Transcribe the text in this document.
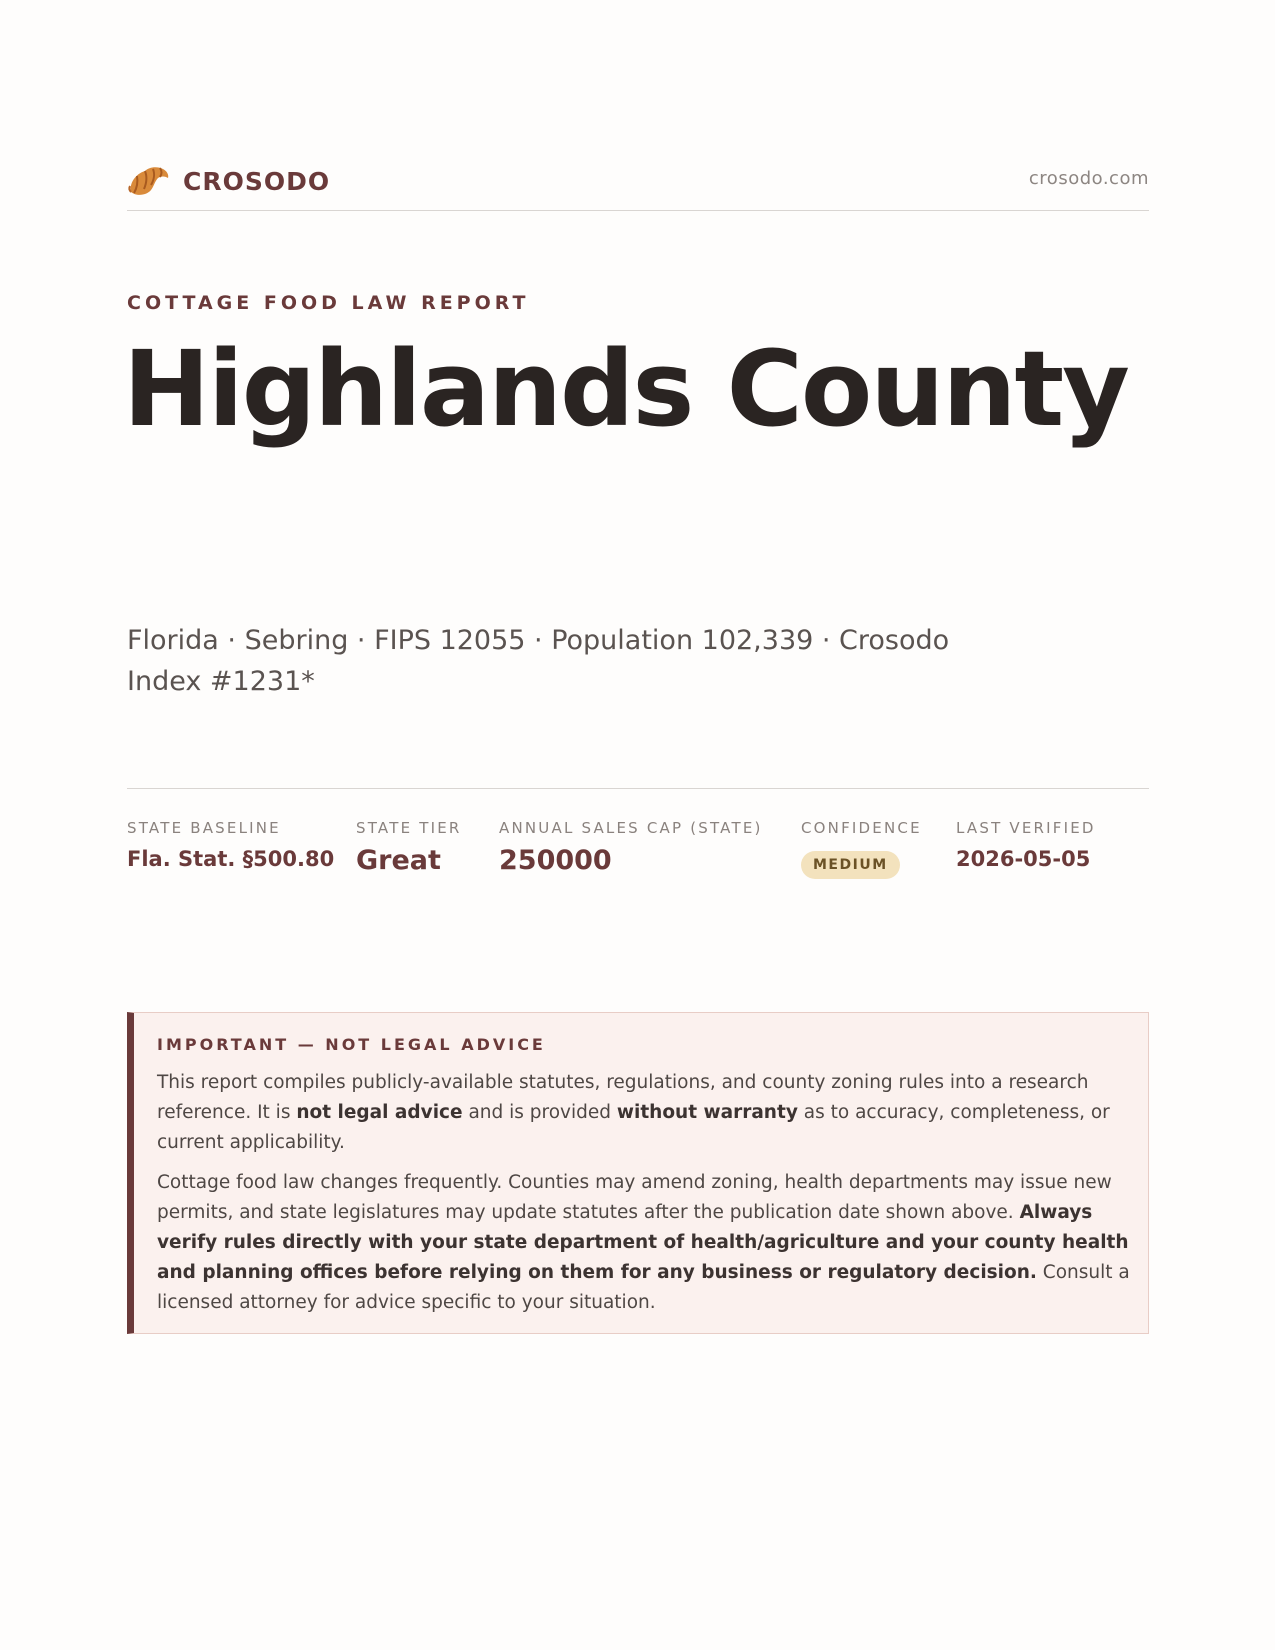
CROSODO	crosodo.com
COTTAGE FOOD LAW REPORT
Highlands County
Florida · Sebring · FIPS 12055 · Population 102,339 · Crosodo Index #1231*
STATE BASELINE
Fla. Stat. §500.80
STATE TIER
Great
ANNUAL SALES CAP (STATE)
250000
CONFIDENCE
MEDIUM
LAST VERIFIED
2026-05-05
IMPORTANT — NOT LEGAL ADVICE

This report compiles publicly-available statutes, regulations, and county zoning rules into a research reference. It is not legal advice and is provided without warranty as to accuracy, completeness, or current applicability.

Cottage food law changes frequently. Counties may amend zoning, health departments may issue new permits, and state legislatures may update statutes after the publication date shown above. Always verify rules directly with your state department of health/agriculture and your county health and planning offices before relying on them for any business or regulatory decision. Consult a licensed attorney for advice specific to your situation.
